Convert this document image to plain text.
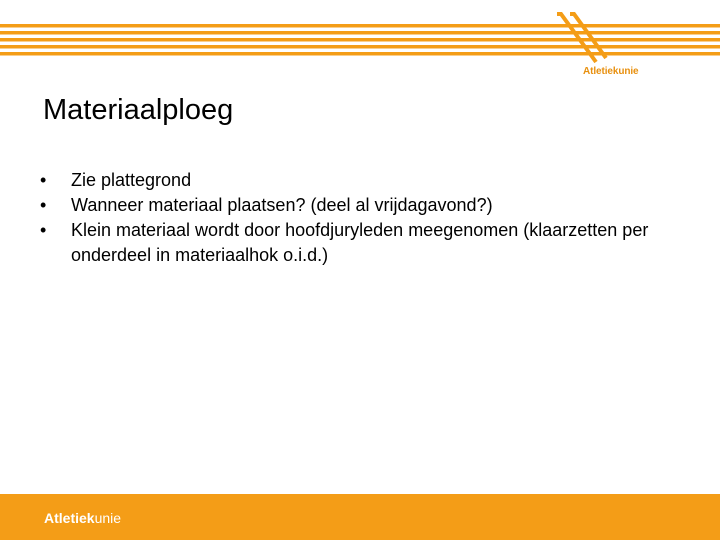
Atletiekunie
Materiaalploeg
• Zie plattegrond
• Wanneer materiaal plaatsen? (deel al vrijdagavond?)
• Klein materiaal wordt door hoofdjuryleden meegenomen (klaarzetten per onderdeel in materiaalhok o.i.d.)
Atletiekunie
